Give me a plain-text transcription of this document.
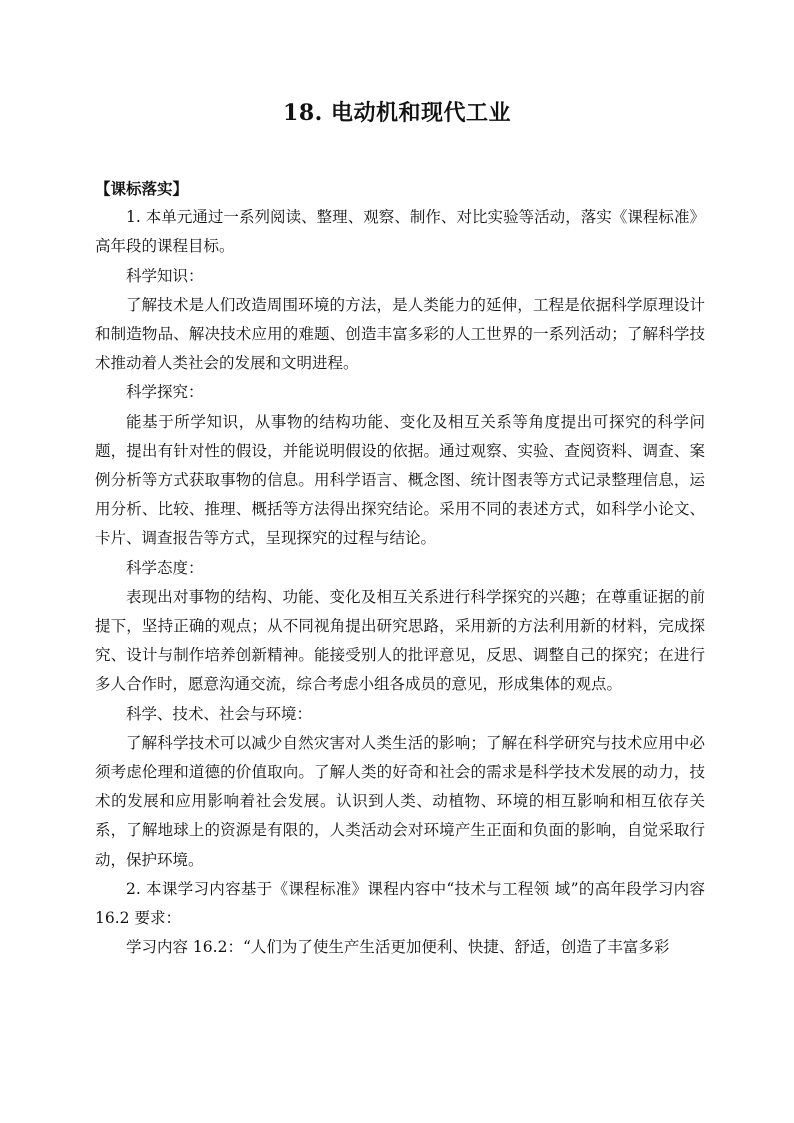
18. 电动机和现代工业

【课标落实】

1. 本单元通过一系列阅读、整理、观察、制作、对比实验等活动，落实《课程标准》高年段的课程目标。

科学知识：

了解技术是人们改造周围环境的方法，是人类能力的延伸，工程是依据科学原理设计和制造物品、解决技术应用的难题、创造丰富多彩的人工世界的一系列活动；了解科学技术推动着人类社会的发展和文明进程。

科学探究：

能基于所学知识，从事物的结构功能、变化及相互关系等角度提出可探究的科学问题，提出有针对性的假设，并能说明假设的依据。通过观察、实验、查阅资料、调查、案例分析等方式获取事物的信息。用科学语言、概念图、统计图表等方式记录整理信息，运用分析、比较、推理、概括等方法得出探究结论。采用不同的表述方式，如科学小论文、卡片、调查报告等方式，呈现探究的过程与结论。

科学态度：

表现出对事物的结构、功能、变化及相互关系进行科学探究的兴趣；在尊重证据的前提下，坚持正确的观点；从不同视角提出研究思路，采用新的方法利用新的材料，完成探究、设计与制作培养创新精神。能接受别人的批评意见，反思、调整自己的探究；在进行多人合作时，愿意沟通交流，综合考虑小组各成员的意见，形成集体的观点。

科学、技术、社会与环境：

了解科学技术可以减少自然灾害对人类生活的影响；了解在科学研究与技术应用中必须考虑伦理和道德的价值取向。了解人类的好奇和社会的需求是科学技术发展的动力，技术的发展和应用影响着社会发展。认识到人类、动植物、环境的相互影响和相互依存关系，了解地球上的资源是有限的，人类活动会对环境产生正面和负面的影响，自觉采取行动，保护环境。

2. 本课学习内容基于《课程标准》课程内容中“技术与工程领 域”的高年段学习内容 16.2 要求：

学习内容 16.2：“人们为了使生产生活更加便利、快捷、舒适，创造了丰富多彩
